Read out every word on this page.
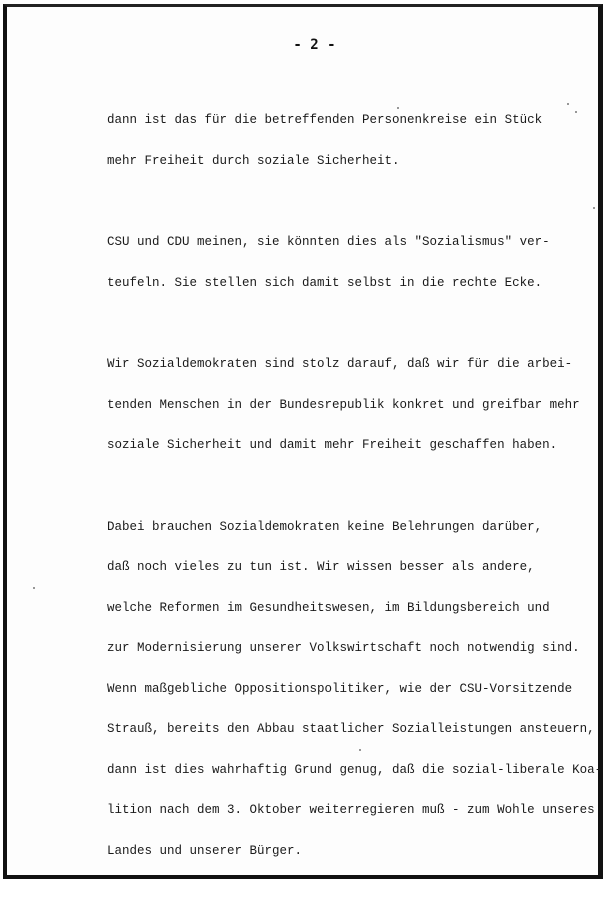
- 2 -

dann ist das für die betreffenden Personenkreise ein Stück

mehr Freiheit durch soziale Sicherheit.

CSU und CDU meinen, sie könnten dies als "Sozialismus" ver-

teufeln. Sie stellen sich damit selbst in die rechte Ecke.

Wir Sozialdemokraten sind stolz darauf, daß wir für die arbei-

tenden Menschen in der Bundesrepublik konkret und greifbar mehr

soziale Sicherheit und damit mehr Freiheit geschaffen haben.

Dabei brauchen Sozialdemokraten keine Belehrungen darüber,

daß noch vieles zu tun ist. Wir wissen besser als andere,

welche Reformen im Gesundheitswesen, im Bildungsbereich und

zur Modernisierung unserer Volkswirtschaft noch notwendig sind.

Wenn maßgebliche Oppositionspolitiker, wie der CSU-Vorsitzende

Strauß, bereits den Abbau staatlicher Sozialleistungen ansteuern,

dann ist dies wahrhaftig Grund genug, daß die sozial-liberale Koa-

lition nach dem 3. Oktober weiterregieren muß - zum Wohle unseres

Landes und unserer Bürger.
